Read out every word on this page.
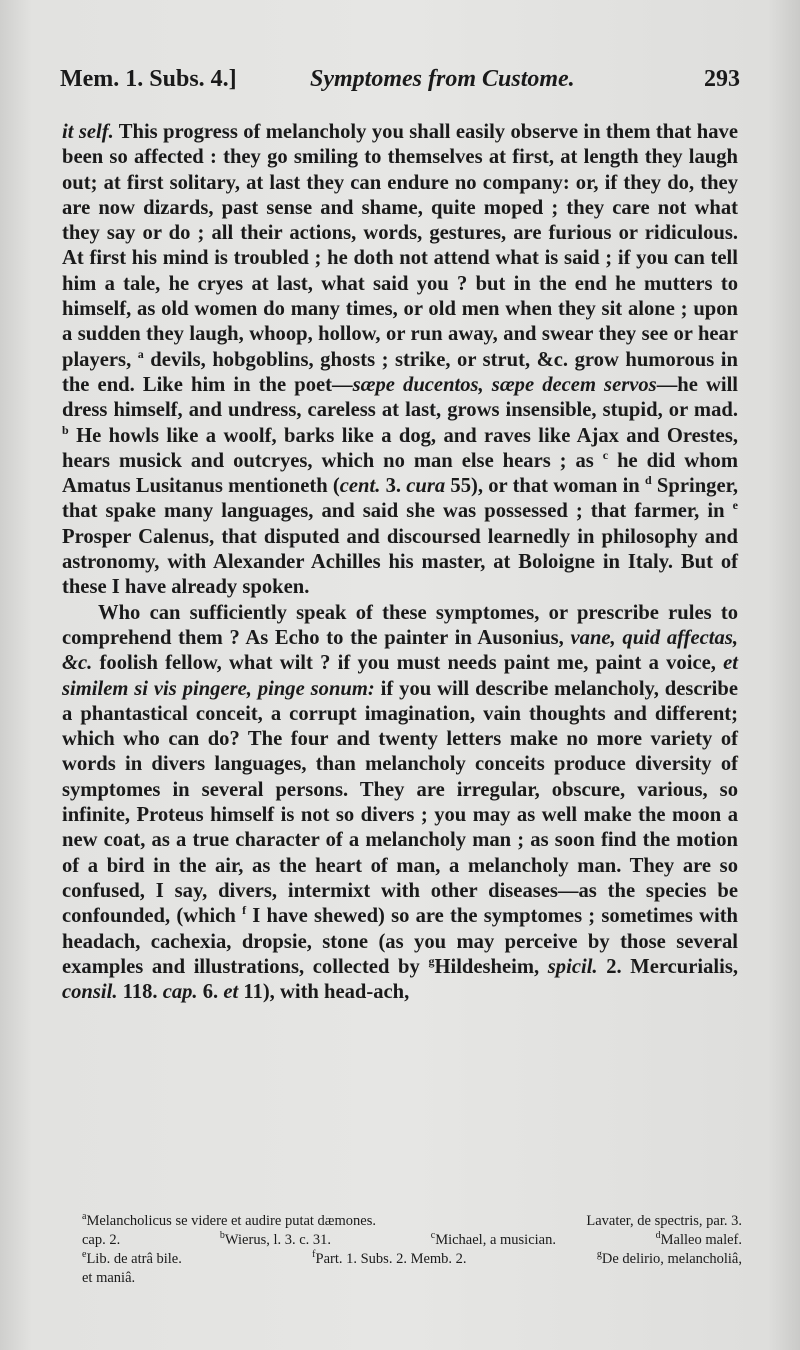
Mem. 1. Subs. 4.]	Symptomes from Custome.	293

it self. This progress of melancholy you shall easily observe in them that have been so affected : they go smiling to themselves at first, at length they laugh out; at first solitary, at last they can endure no company: or, if they do, they are now dizards, past sense and shame, quite moped ; they care not what they say or do ; all their actions, words, gestures, are furious or ridiculous. At first his mind is troubled ; he doth not attend what is said ; if you can tell him a tale, he cryes at last, what said you ? but in the end he mutters to himself, as old women do many times, or old men when they sit alone ; upon a sudden they laugh, whoop, hollow, or run away, and swear they see or hear players, $^a$ devils, hobgoblins, ghosts ; strike, or strut, &c. grow humorous in the end. Like him in the poet—sæpe ducentos, sæpe decem servos—he will dress himself, and undress, careless at last, grows insensible, stupid, or mad. $^b$ He howls like a woolf, barks like a dog, and raves like Ajax and Orestes, hears musick and outcryes, which no man else hears ; as $^c$ he did whom Amatus Lusitanus mentioneth (cent. 3. cura 55), or that woman in $^d$ Springer, that spake many languages, and said she was possessed ; that farmer, in $^e$ Prosper Calenus, that disputed and discoursed learnedly in philosophy and astronomy, with Alexander Achilles his master, at Boloigne in Italy. But of these I have already spoken.

Who can sufficiently speak of these symptomes, or prescribe rules to comprehend them ? As Echo to the painter in Ausonius, vane, quid affectas, &c. foolish fellow, what wilt ? if you must needs paint me, paint a voice, et similem si vis pingere, pinge sonum: if you will describe melancholy, describe a phantastical conceit, a corrupt imagination, vain thoughts and different; which who can do? The four and twenty letters make no more variety of words in divers languages, than melancholy conceits produce diversity of symptomes in several persons. They are irregular, obscure, various, so infinite, Proteus himself is not so divers ; you may as well make the moon a new coat, as a true character of a melancholy man ; as soon find the motion of a bird in the air, as the heart of man, a melancholy man. They are so confused, I say, divers, intermixt with other diseases—as the species be confounded, (which $^f$ I have shewed) so are the symptomes ; sometimes with headach, cachexia, dropsie, stone (as you may perceive by those several examples and illustrations, collected by $^g$Hildesheim, spicil. 2. Mercurialis, consil. 118. cap. 6. et 11), with head-ach,

$^a$Melancholicus se videre et audire putat dæmones.	Lavater, de spectris, par. 3.
cap. 2.	$^b$Wierus, l. 3. c. 31.	$^c$Michael, a musician.	$^d$Malleo malef.
$^e$Lib. de atrâ bile.	$^f$Part. 1. Subs. 2. Memb. 2.	$^g$De delirio, melancholiâ,
et maniâ.
